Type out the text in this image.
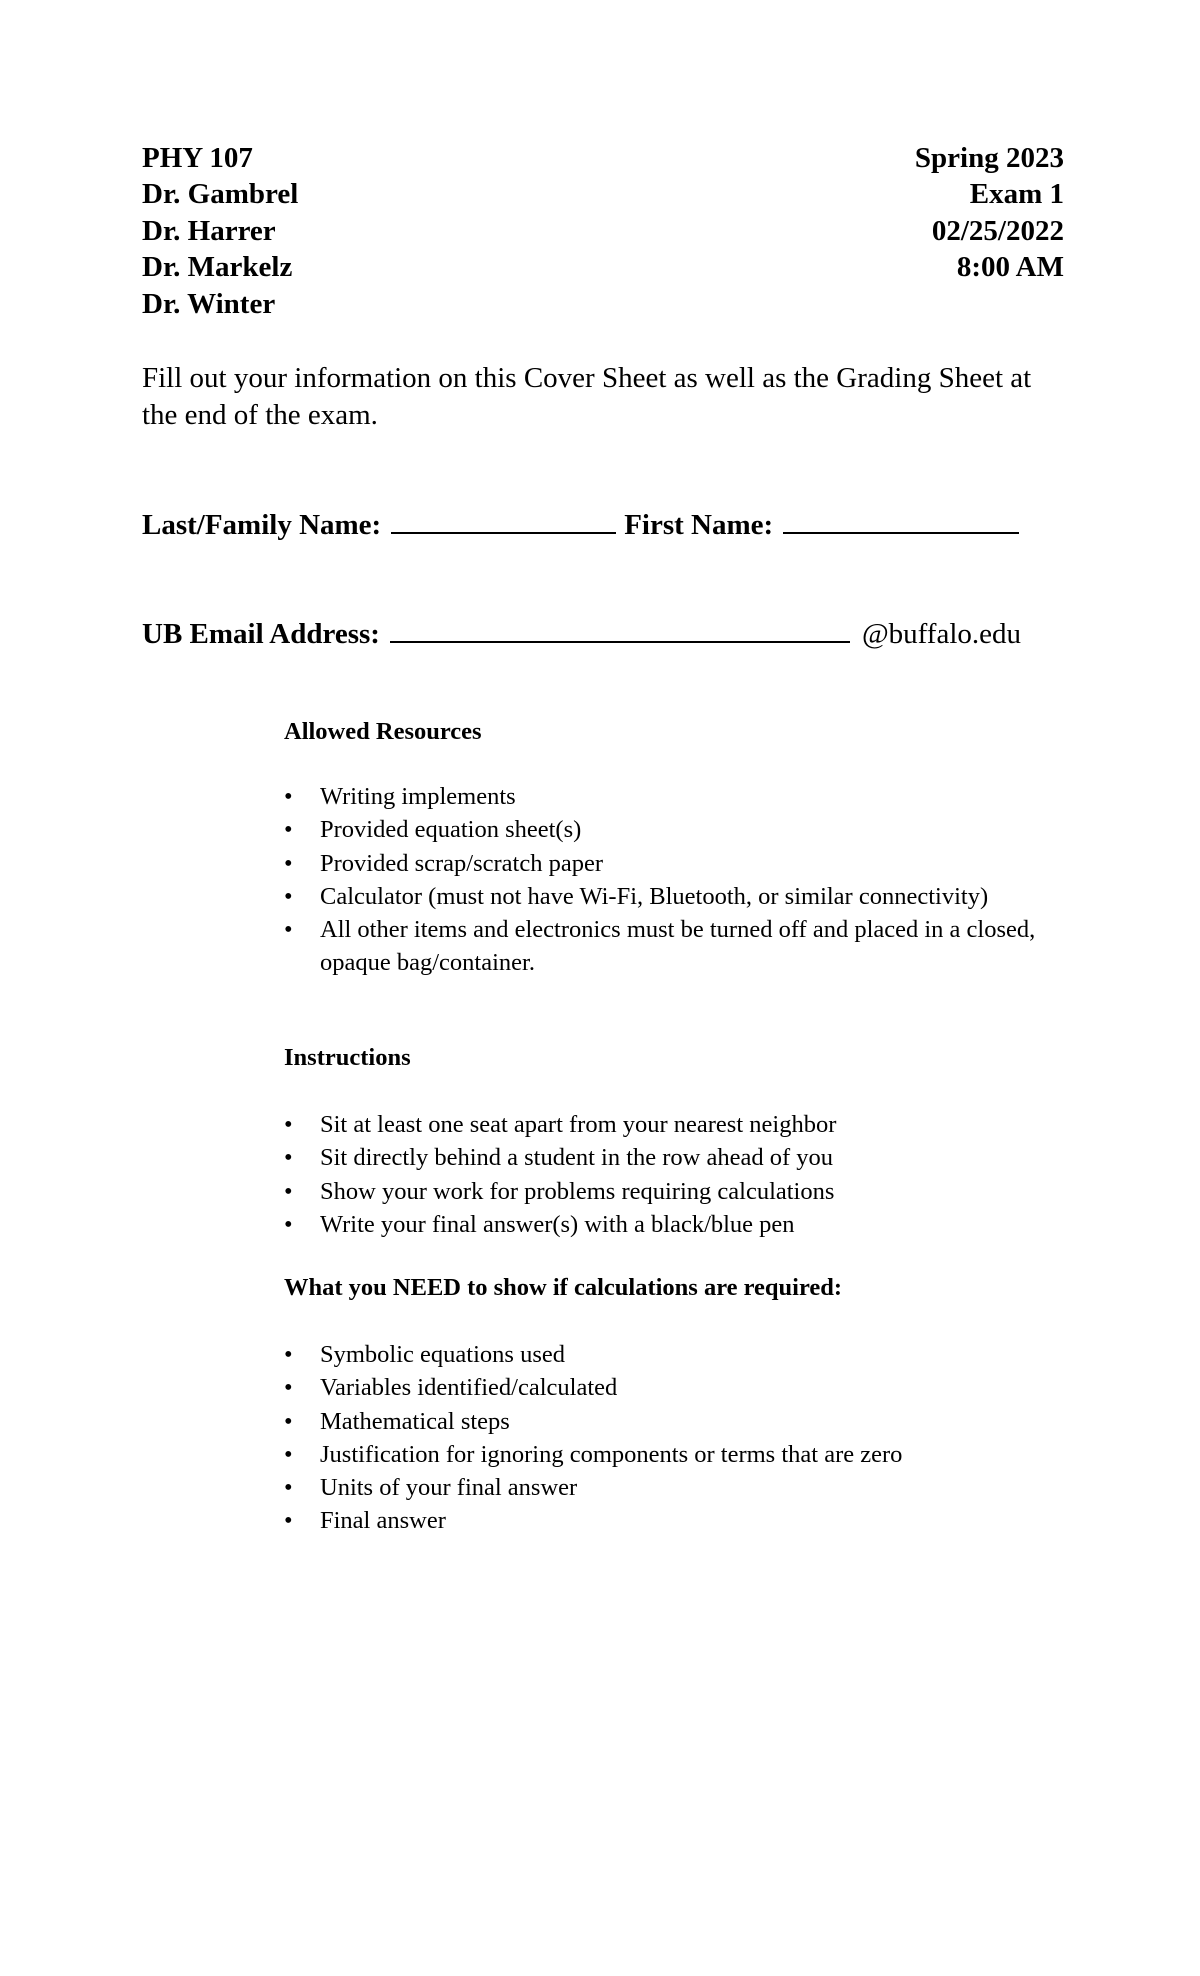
PHY 107
Dr. Gambrel
Dr. Harrer
Dr. Markelz
Dr. Winter
Spring 2023
Exam 1
02/25/2022
8:00 AM
Fill out your information on this Cover Sheet as well as the Grading Sheet at the end of the exam.
Last/Family Name:	First Name:
UB Email Address:	@buffalo.edu

Allowed Resources

• Writing implements
• Provided equation sheet(s)
• Provided scrap/scratch paper
• Calculator (must not have Wi-Fi, Bluetooth, or similar connectivity)
• All other items and electronics must be turned off and placed in a closed, opaque bag/container.

Instructions

• Sit at least one seat apart from your nearest neighbor
• Sit directly behind a student in the row ahead of you
• Show your work for problems requiring calculations
• Write your final answer(s) with a black/blue pen

What you NEED to show if calculations are required:

• Symbolic equations used
• Variables identified/calculated
• Mathematical steps
• Justification for ignoring components or terms that are zero
• Units of your final answer
• Final answer
